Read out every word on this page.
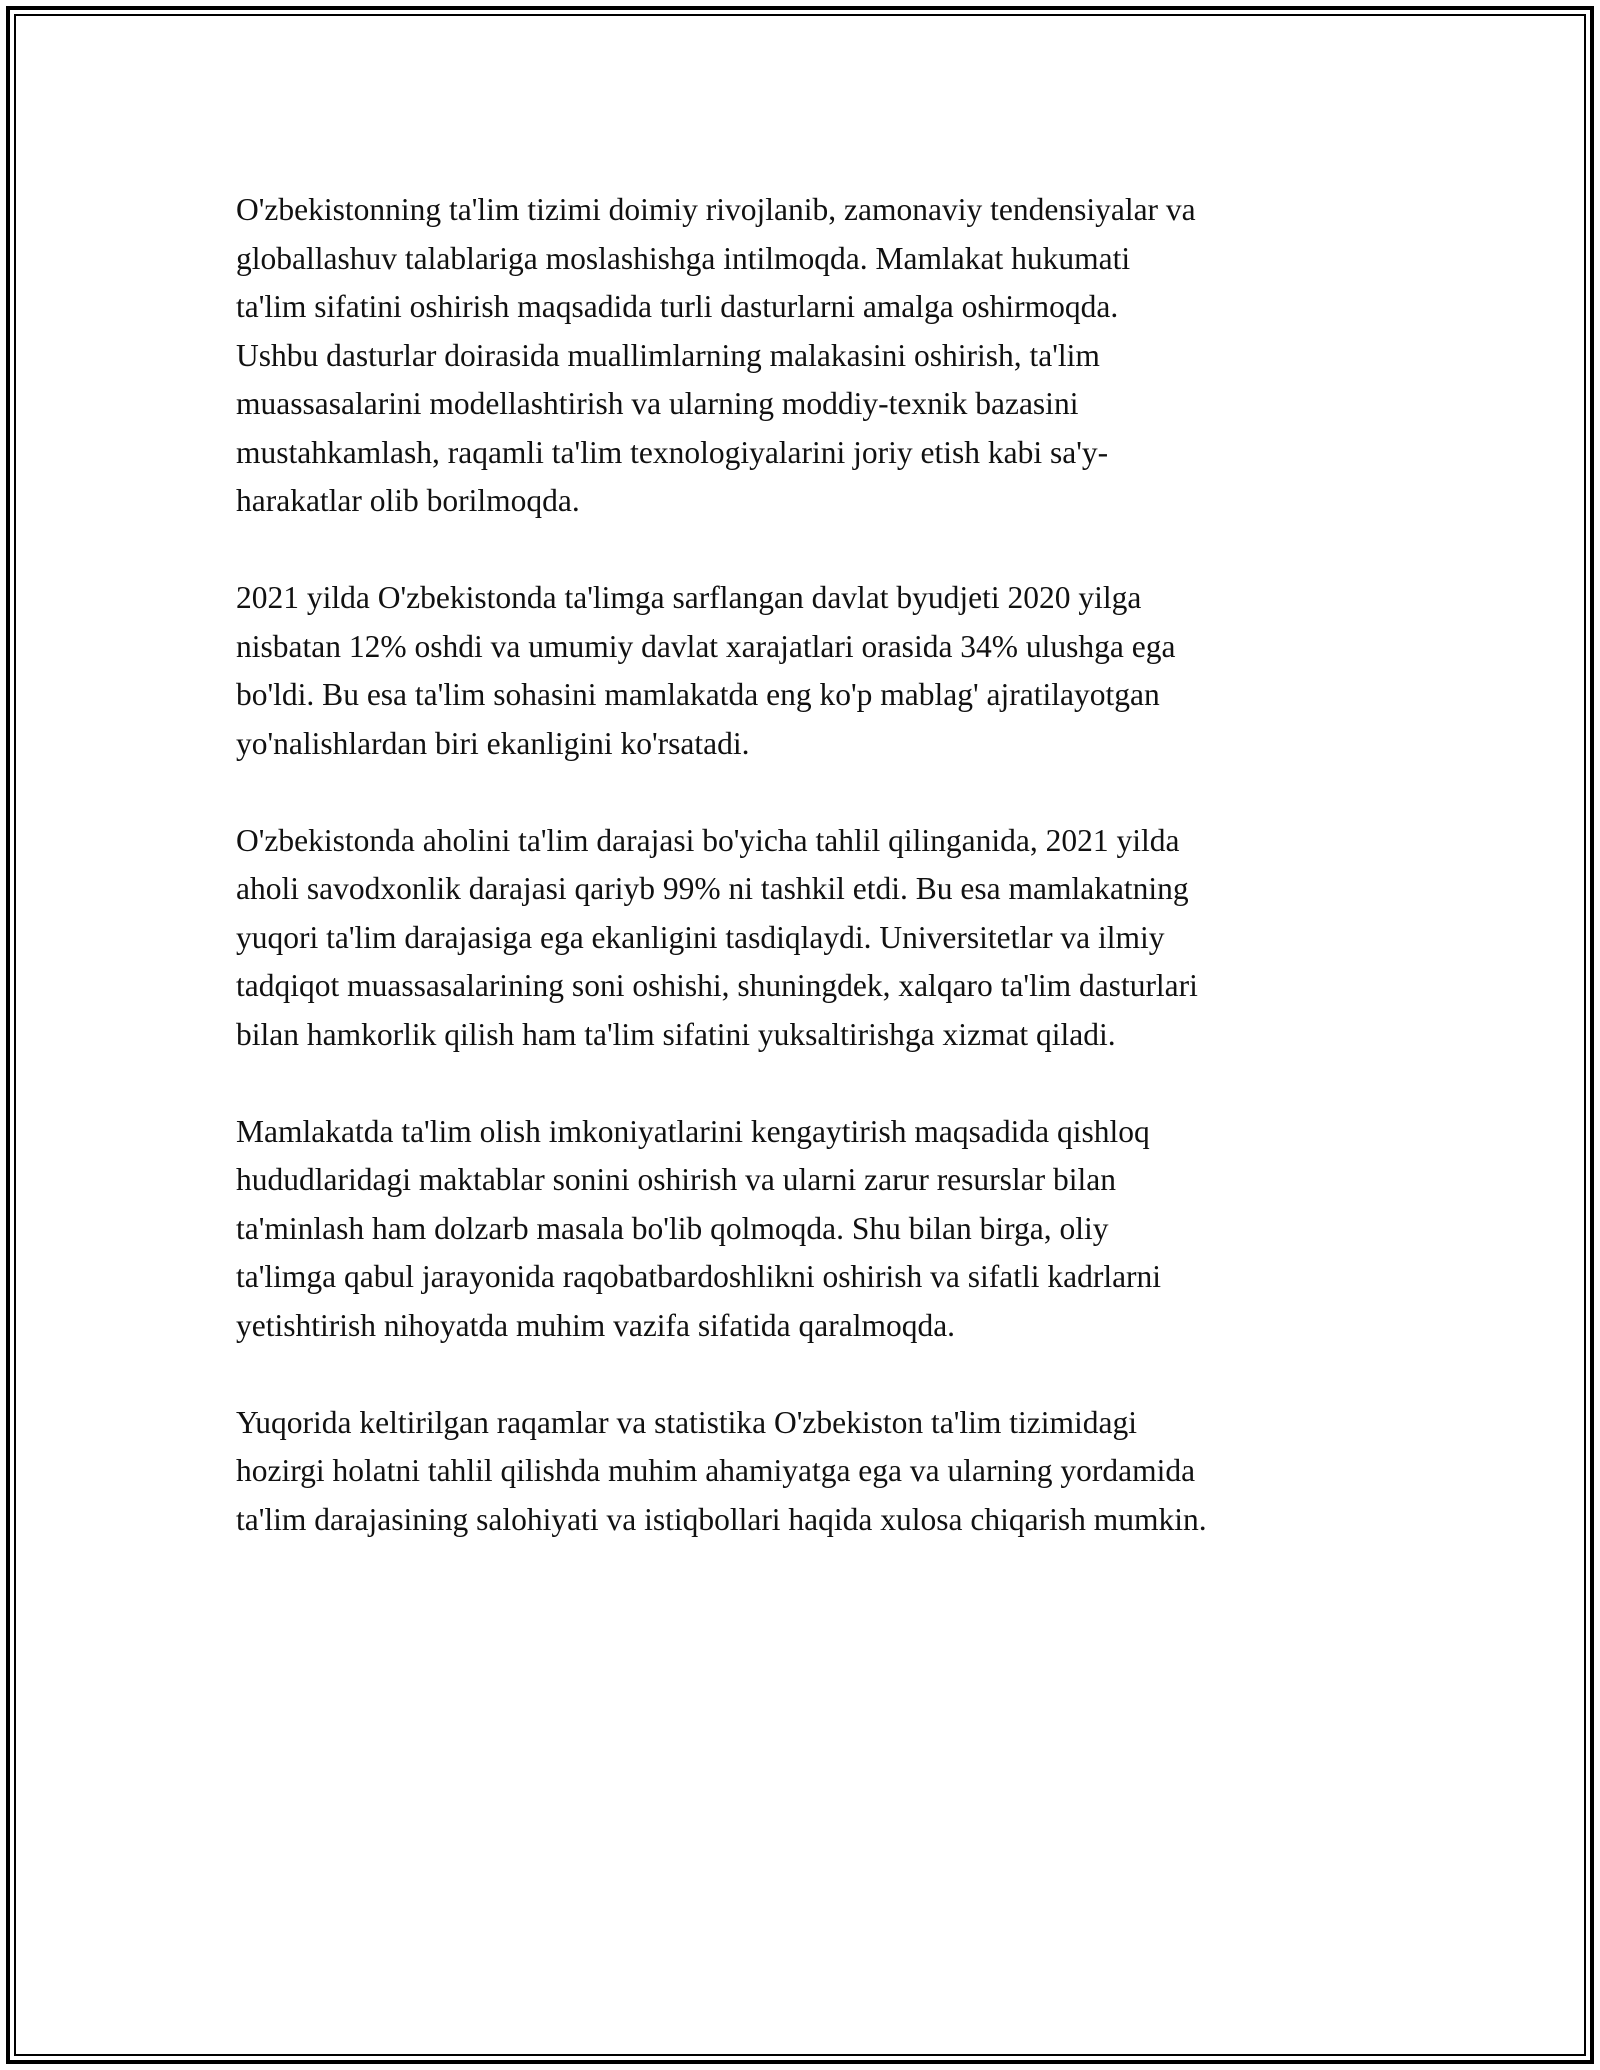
O'zbekistonning ta'lim tizimi doimiy rivojlanib, zamonaviy tendensiyalar va
globallashuv talablariga moslashishga intilmoqda. Mamlakat hukumati
ta'lim sifatini oshirish maqsadida turli dasturlarni amalga oshirmoqda.
Ushbu dasturlar doirasida muallimlarning malakasini oshirish, ta'lim
muassasalarini modellashtirish va ularning moddiy-texnik bazasini
mustahkamlash, raqamli ta'lim texnologiyalarini joriy etish kabi sa'y-
harakatlar olib borilmoqda.

2021 yilda O'zbekistonda ta'limga sarflangan davlat byudjeti 2020 yilga
nisbatan 12% oshdi va umumiy davlat xarajatlari orasida 34% ulushga ega
bo'ldi. Bu esa ta'lim sohasini mamlakatda eng ko'p mablag' ajratilayotgan
yo'nalishlardan biri ekanligini ko'rsatadi.

O'zbekistonda aholini ta'lim darajasi bo'yicha tahlil qilinganida, 2021 yilda
aholi savodxonlik darajasi qariyb 99% ni tashkil etdi. Bu esa mamlakatning
yuqori ta'lim darajasiga ega ekanligini tasdiqlaydi. Universitetlar va ilmiy
tadqiqot muassasalarining soni oshishi, shuningdek, xalqaro ta'lim dasturlari
bilan hamkorlik qilish ham ta'lim sifatini yuksaltirishga xizmat qiladi.

Mamlakatda ta'lim olish imkoniyatlarini kengaytirish maqsadida qishloq
hududlaridagi maktablar sonini oshirish va ularni zarur resurslar bilan
ta'minlash ham dolzarb masala bo'lib qolmoqda. Shu bilan birga, oliy
ta'limga qabul jarayonida raqobatbardoshlikni oshirish va sifatli kadrlarni
yetishtirish nihoyatda muhim vazifa sifatida qaralmoqda.

Yuqorida keltirilgan raqamlar va statistika O'zbekiston ta'lim tizimidagi
hozirgi holatni tahlil qilishda muhim ahamiyatga ega va ularning yordamida
ta'lim darajasining salohiyati va istiqbollari haqida xulosa chiqarish mumkin.
